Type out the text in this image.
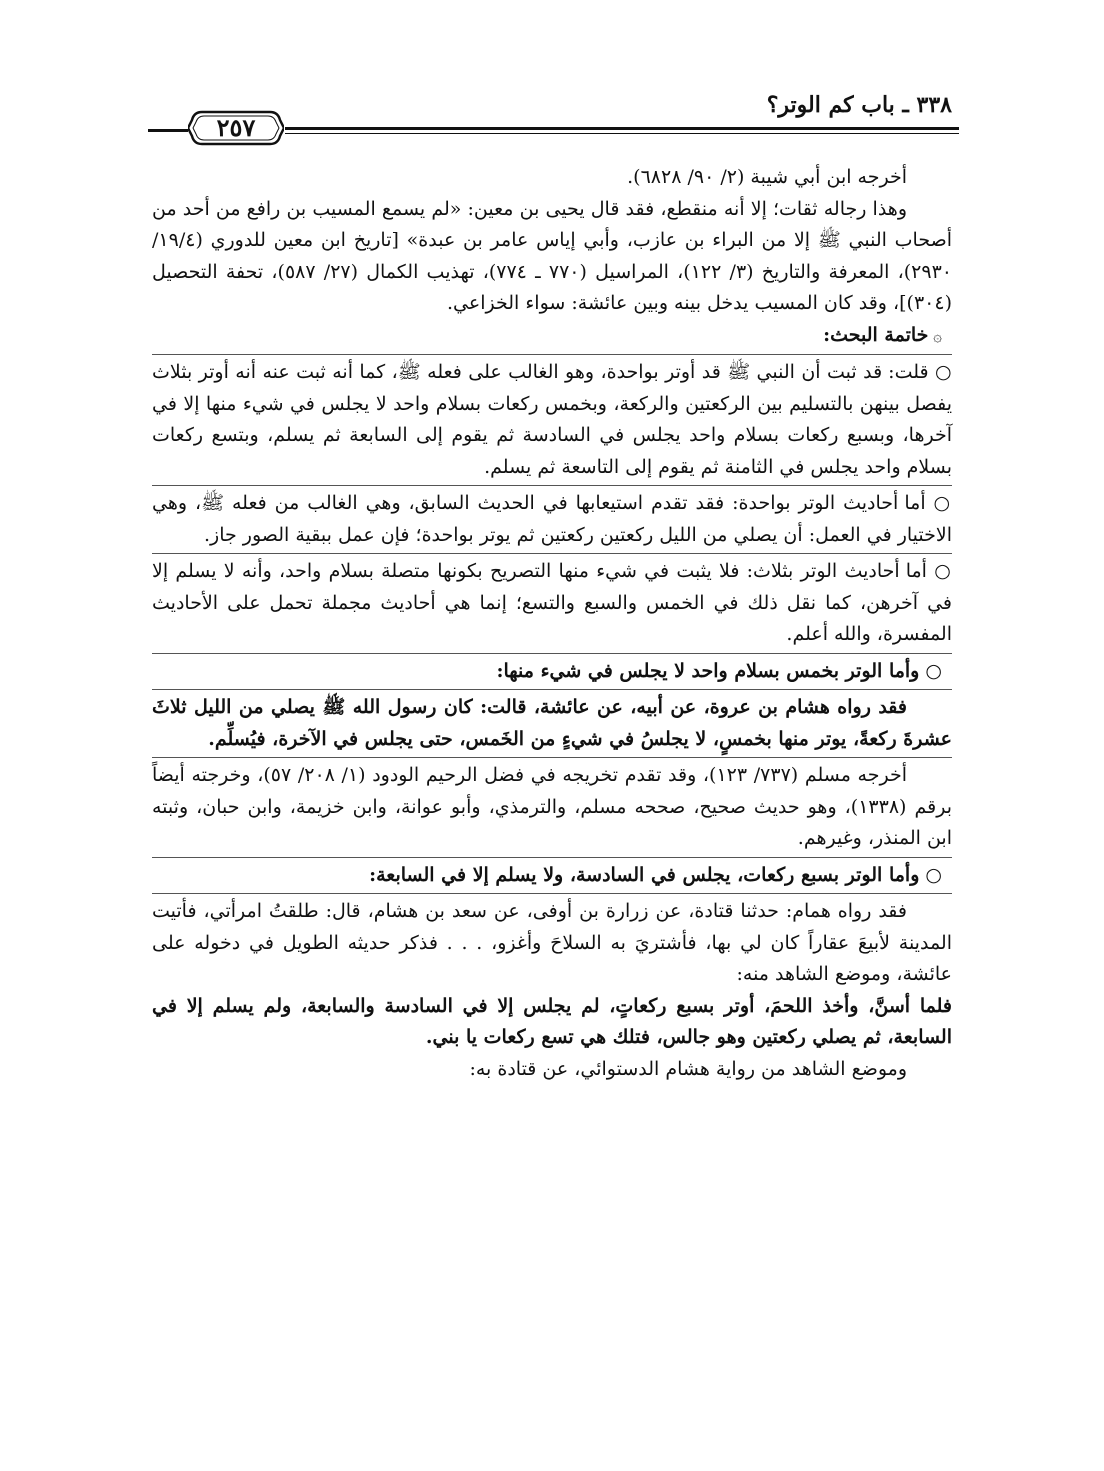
٣٣٨ ـ باب كم الوتر؟
٢٥٧

أخرجه ابن أبي شيبة (٢/ ٩٠/ ٦٨٢٨).

وهذا رجاله ثقات؛ إلا أنه منقطع، فقد قال يحيى بن معين: «لم يسمع المسيب بن رافع من أحد من أصحاب النبي ﷺ إلا من البراء بن عازب، وأبي إياس عامر بن عبدة» [تاريخ ابن معين للدوري (١٩/٤/ ٢٩٣٠)، المعرفة والتاريخ (٣/ ١٢٢)، المراسيل (٧٧٠ ـ ٧٧٤)، تهذيب الكمال (٢٧/ ٥٨٧)، تحفة التحصيل (٣٠٤)]، وقد كان المسيب يدخل بينه وبين عائشة: سواء الخزاعي.

۞ خاتمة البحث:

○ قلت: قد ثبت أن النبي ﷺ قد أوتر بواحدة، وهو الغالب على فعله ﷺ، كما أنه ثبت عنه أنه أوتر بثلاث يفصل بينهن بالتسليم بين الركعتين والركعة، وبخمس ركعات بسلام واحد لا يجلس في شيء منها إلا في آخرها، وبسبع ركعات بسلام واحد يجلس في السادسة ثم يقوم إلى السابعة ثم يسلم، وبتسع ركعات بسلام واحد يجلس في الثامنة ثم يقوم إلى التاسعة ثم يسلم.

○ أما أحاديث الوتر بواحدة: فقد تقدم استيعابها في الحديث السابق، وهي الغالب من فعله ﷺ، وهي الاختيار في العمل: أن يصلي من الليل ركعتين ركعتين ثم يوتر بواحدة؛ فإن عمل ببقية الصور جاز.

○ أما أحاديث الوتر بثلاث: فلا يثبت في شيء منها التصريح بكونها متصلة بسلام واحد، وأنه لا يسلم إلا في آخرهن، كما نقل ذلك في الخمس والسبع والتسع؛ إنما هي أحاديث مجملة تحمل على الأحاديث المفسرة، والله أعلم.

○ وأما الوتر بخمس بسلام واحد لا يجلس في شيء منها:

فقد رواه هشام بن عروة، عن أبيه، عن عائشة، قالت: كان رسول الله ﷺ يصلي من الليل ثلاثَ عشرةَ ركعةً، يوتر منها بخمسٍ، لا يجلسُ في شيءٍ من الخَمس، حتى يجلس في الآخرة، فيُسلِّم.

أخرجه مسلم (٧٣٧/ ١٢٣)، وقد تقدم تخريجه في فضل الرحيم الودود (١/ ٢٠٨/ ٥٧)، وخرجته أيضاً برقم (١٣٣٨)، وهو حديث صحيح، صححه مسلم، والترمذي، وأبو عوانة، وابن خزيمة، وابن حبان، وثبته ابن المنذر، وغيرهم.

○ وأما الوتر بسبع ركعات، يجلس في السادسة، ولا يسلم إلا في السابعة:

فقد رواه همام: حدثنا قتادة، عن زرارة بن أوفى، عن سعد بن هشام، قال: طلقتُ امرأتي، فأتيت المدينة لأبيعَ عقاراً كان لي بها، فأشتريَ به السلاحَ وأغزو، . . . فذكر حديثه الطويل في دخوله على عائشة، وموضع الشاهد منه:

فلما أسنَّ، وأخذ اللحمَ، أوتر بسبع ركعاتٍ، لم يجلس إلا في السادسة والسابعة، ولم يسلم إلا في السابعة، ثم يصلي ركعتين وهو جالس، فتلك هي تسع ركعات يا بني.

وموضع الشاهد من رواية هشام الدستوائي، عن قتادة به:
